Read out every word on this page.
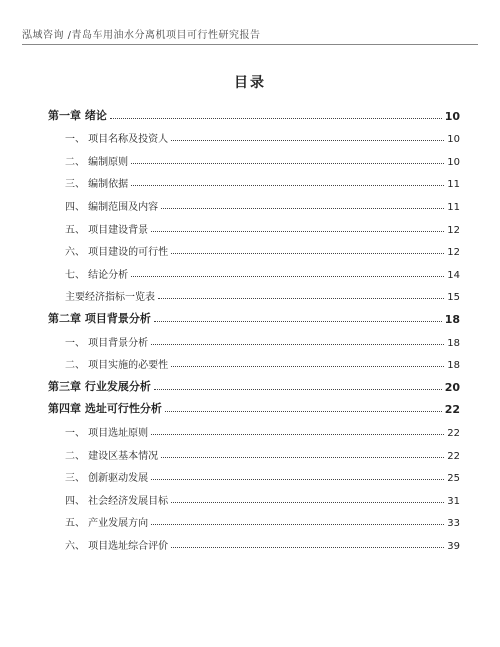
泓域咨询 /青岛车用油水分离机项目可行性研究报告
目录
第一章 绪论	10
一、 项目名称及投资人	10
二、 编制原则	10
三、 编制依据	11
四、 编制范围及内容	11
五、 项目建设背景	12
六、 项目建设的可行性	12
七、 结论分析	14
主要经济指标一览表	15
第二章 项目背景分析	18
一、 项目背景分析	18
二、 项目实施的必要性	18
第三章 行业发展分析	20
第四章 选址可行性分析	22
一、 项目选址原则	22
二、 建设区基本情况	22
三、 创新驱动发展	25
四、 社会经济发展目标	31
五、 产业发展方向	33
六、 项目选址综合评价	39
